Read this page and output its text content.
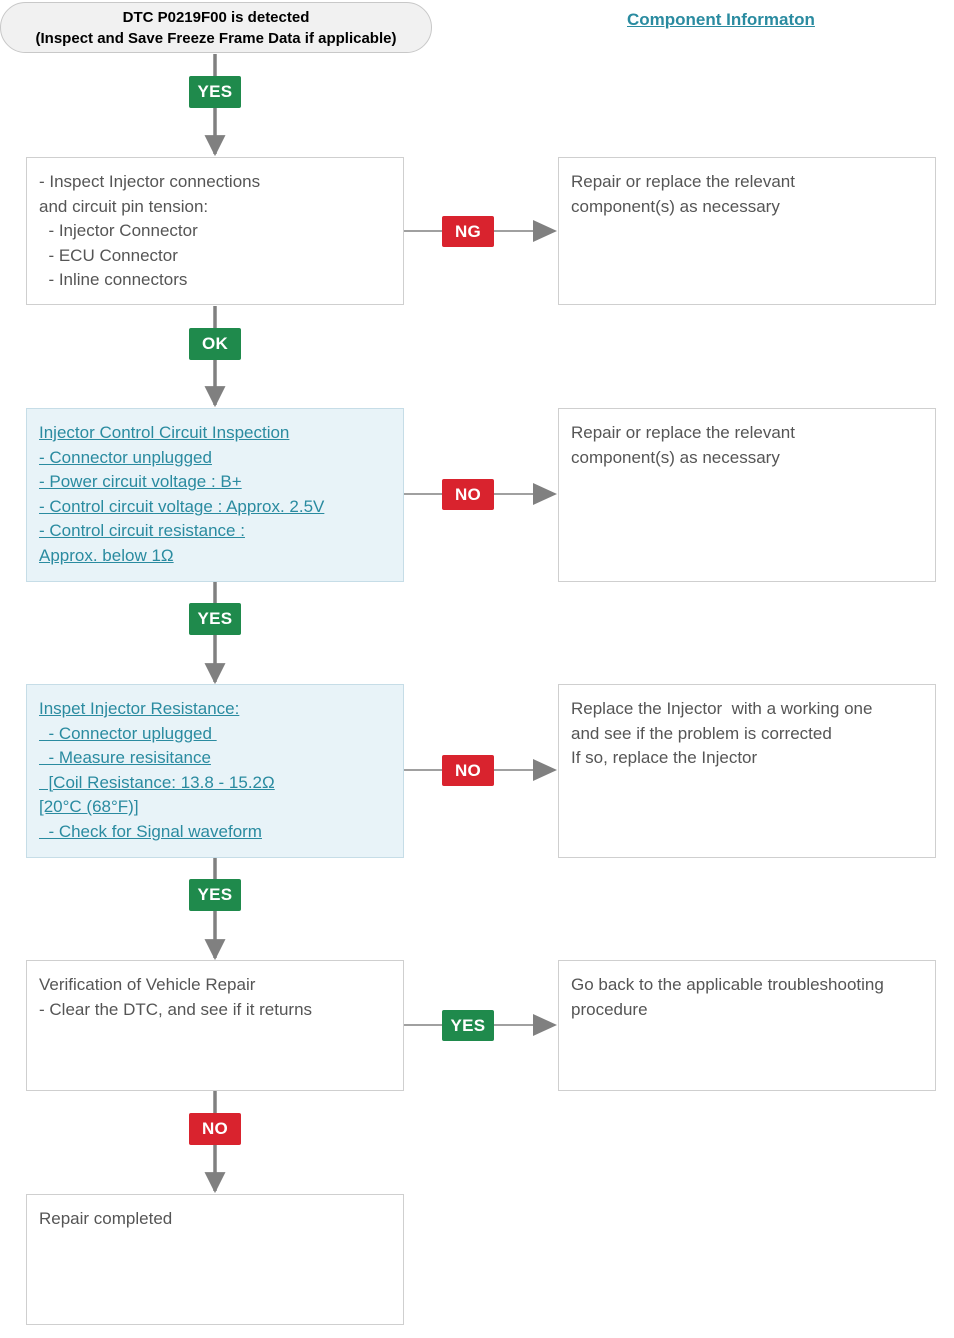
DTC P0219F00 is detected
(Inspect and Save Freeze Frame Data if applicable)
Component Informaton
- Inspect Injector connections
and circuit pin tension:
- Injector Connector
- ECU Connector
- Inline connectors
Injector Control Circuit Inspection
- Connector unplugged
- Power circuit voltage : B+
- Control circuit voltage : Approx. 2.5V
- Control circuit resistance :
Approx. below 1Ω
Inspet Injector Resistance:
- Connector uplugged
- Measure resisitance
[Coil Resistance: 13.8 - 15.2Ω
[20°C (68°F)]
- Check for Signal waveform
Verification of Vehicle Repair
- Clear the DTC, and see if it returns
Repair completed
Repair or replace the relevant
component(s) as necessary
Repair or replace the relevant
component(s) as necessary
Replace the Injector  with a working one
and see if the problem is corrected
If so, replace the Injector
Go back to the applicable troubleshooting
procedure
YES
NG
OK
NO
YES
NO
YES
YES
NO
